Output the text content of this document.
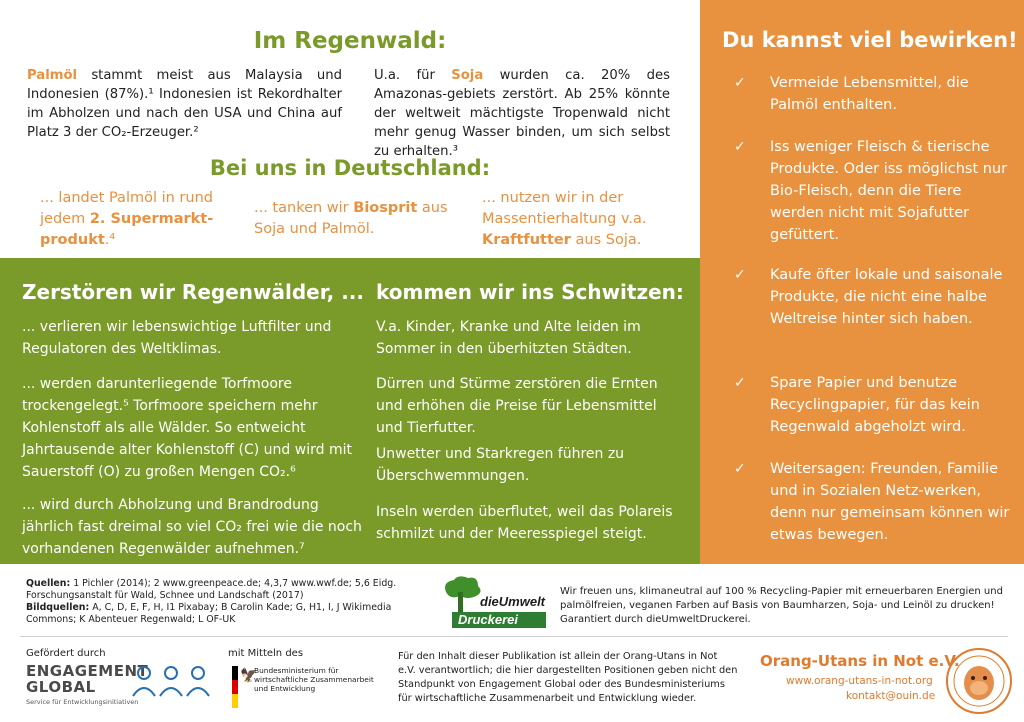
Im Regenwald:

Palmöl stammt meist aus Malaysia und Indonesien (87%).¹ Indonesien ist Rekordhalter im Abholzen und nach den USA und China auf Platz 3 der CO₂-Erzeuger.²

U.a. für Soja wurden ca. 20% des Amazonas-gebiets zerstört. Ab 25% könnte der weltweit mächtigste Tropenwald nicht mehr genug Wasser binden, um sich selbst zu erhalten.³

Bei uns in Deutschland:

... landet Palmöl in rund jedem 2. Supermarkt-produkt.⁴

... tanken wir Biosprit aus Soja und Palmöl.

... nutzen wir in der Massentierhaltung v.a. Kraftfutter aus Soja.

Zerstören wir Regenwälder, ...

... verlieren wir lebenswichtige Luftfilter und Regulatoren des Weltklimas.

... werden darunterliegende Torfmoore trockengelegt.⁵ Torfmoore speichern mehr Kohlenstoff als alle Wälder. So entweicht Jahrtausende alter Kohlenstoff (C) und wird mit Sauerstoff (O) zu großen Mengen CO₂.⁶

... wird durch Abholzung und Brandrodung jährlich fast dreimal so viel CO₂ frei wie die noch vorhandenen Regenwälder aufnehmen.⁷

kommen wir ins Schwitzen:

V.a. Kinder, Kranke und Alte leiden im Sommer in den überhitzten Städten.

Dürren und Stürme zerstören die Ernten und erhöhen die Preise für Lebensmittel und Tierfutter.

Unwetter und Starkregen führen zu Überschwemmungen.

Inseln werden überflutet, weil das Polareis schmilzt und der Meeresspiegel steigt.

Du kannst viel bewirken!
✓ Vermeide Lebensmittel, die Palmöl enthalten.
✓ Iss weniger Fleisch & tierische Produkte. Oder iss möglichst nur Bio-Fleisch, denn die Tiere werden nicht mit Sojafutter gefüttert.
✓ Kaufe öfter lokale und saisonale Produkte, die nicht eine halbe Weltreise hinter sich haben.
✓ Spare Papier und benutze Recyclingpapier, für das kein Regenwald abgeholzt wird.
✓ Weitersagen: Freunden, Familie und in Sozialen Netz-werken, denn nur gemeinsam können wir etwas bewegen.
Quellen: 1 Pichler (2014); 2 www.greenpeace.de; 4,3,7 www.wwf.de; 5,6 Eidg. Forschungsanstalt für Wald, Schnee und Landschaft (2017)
Bildquellen: A, C, D, E, F, H, I1 Pixabay; B Carolin Kade; G, H1, I, J Wikimedia Commons; K Abenteuer Regenwald; L OF-UK
dieUmwelt
Druckerei

Wir freuen uns, klimaneutral auf 100 % Recycling-Papier mit erneuerbaren Energien und palmölfreien, veganen Farben auf Basis von Baumharzen, Soja- und Leinöl zu drucken! Garantiert durch dieUmweltDruckerei.

Gefördert durch
ENGAGEMENT
GLOBAL
Service für Entwicklungsinitiativen
mit Mitteln des
🦅
Bundesministerium für wirtschaftliche Zusammenarbeit und Entwicklung

Für den Inhalt dieser Publikation ist allein der Orang-Utans in Not e.V. verantwortlich; die hier dargestellten Positionen geben nicht den Standpunkt von Engagement Global oder des Bundesministeriums für wirtschaftliche Zusammenarbeit und Entwicklung wieder.

Orang-Utans in Not e.V.
www.orang-utans-in-not.org
kontakt@ouin.de
